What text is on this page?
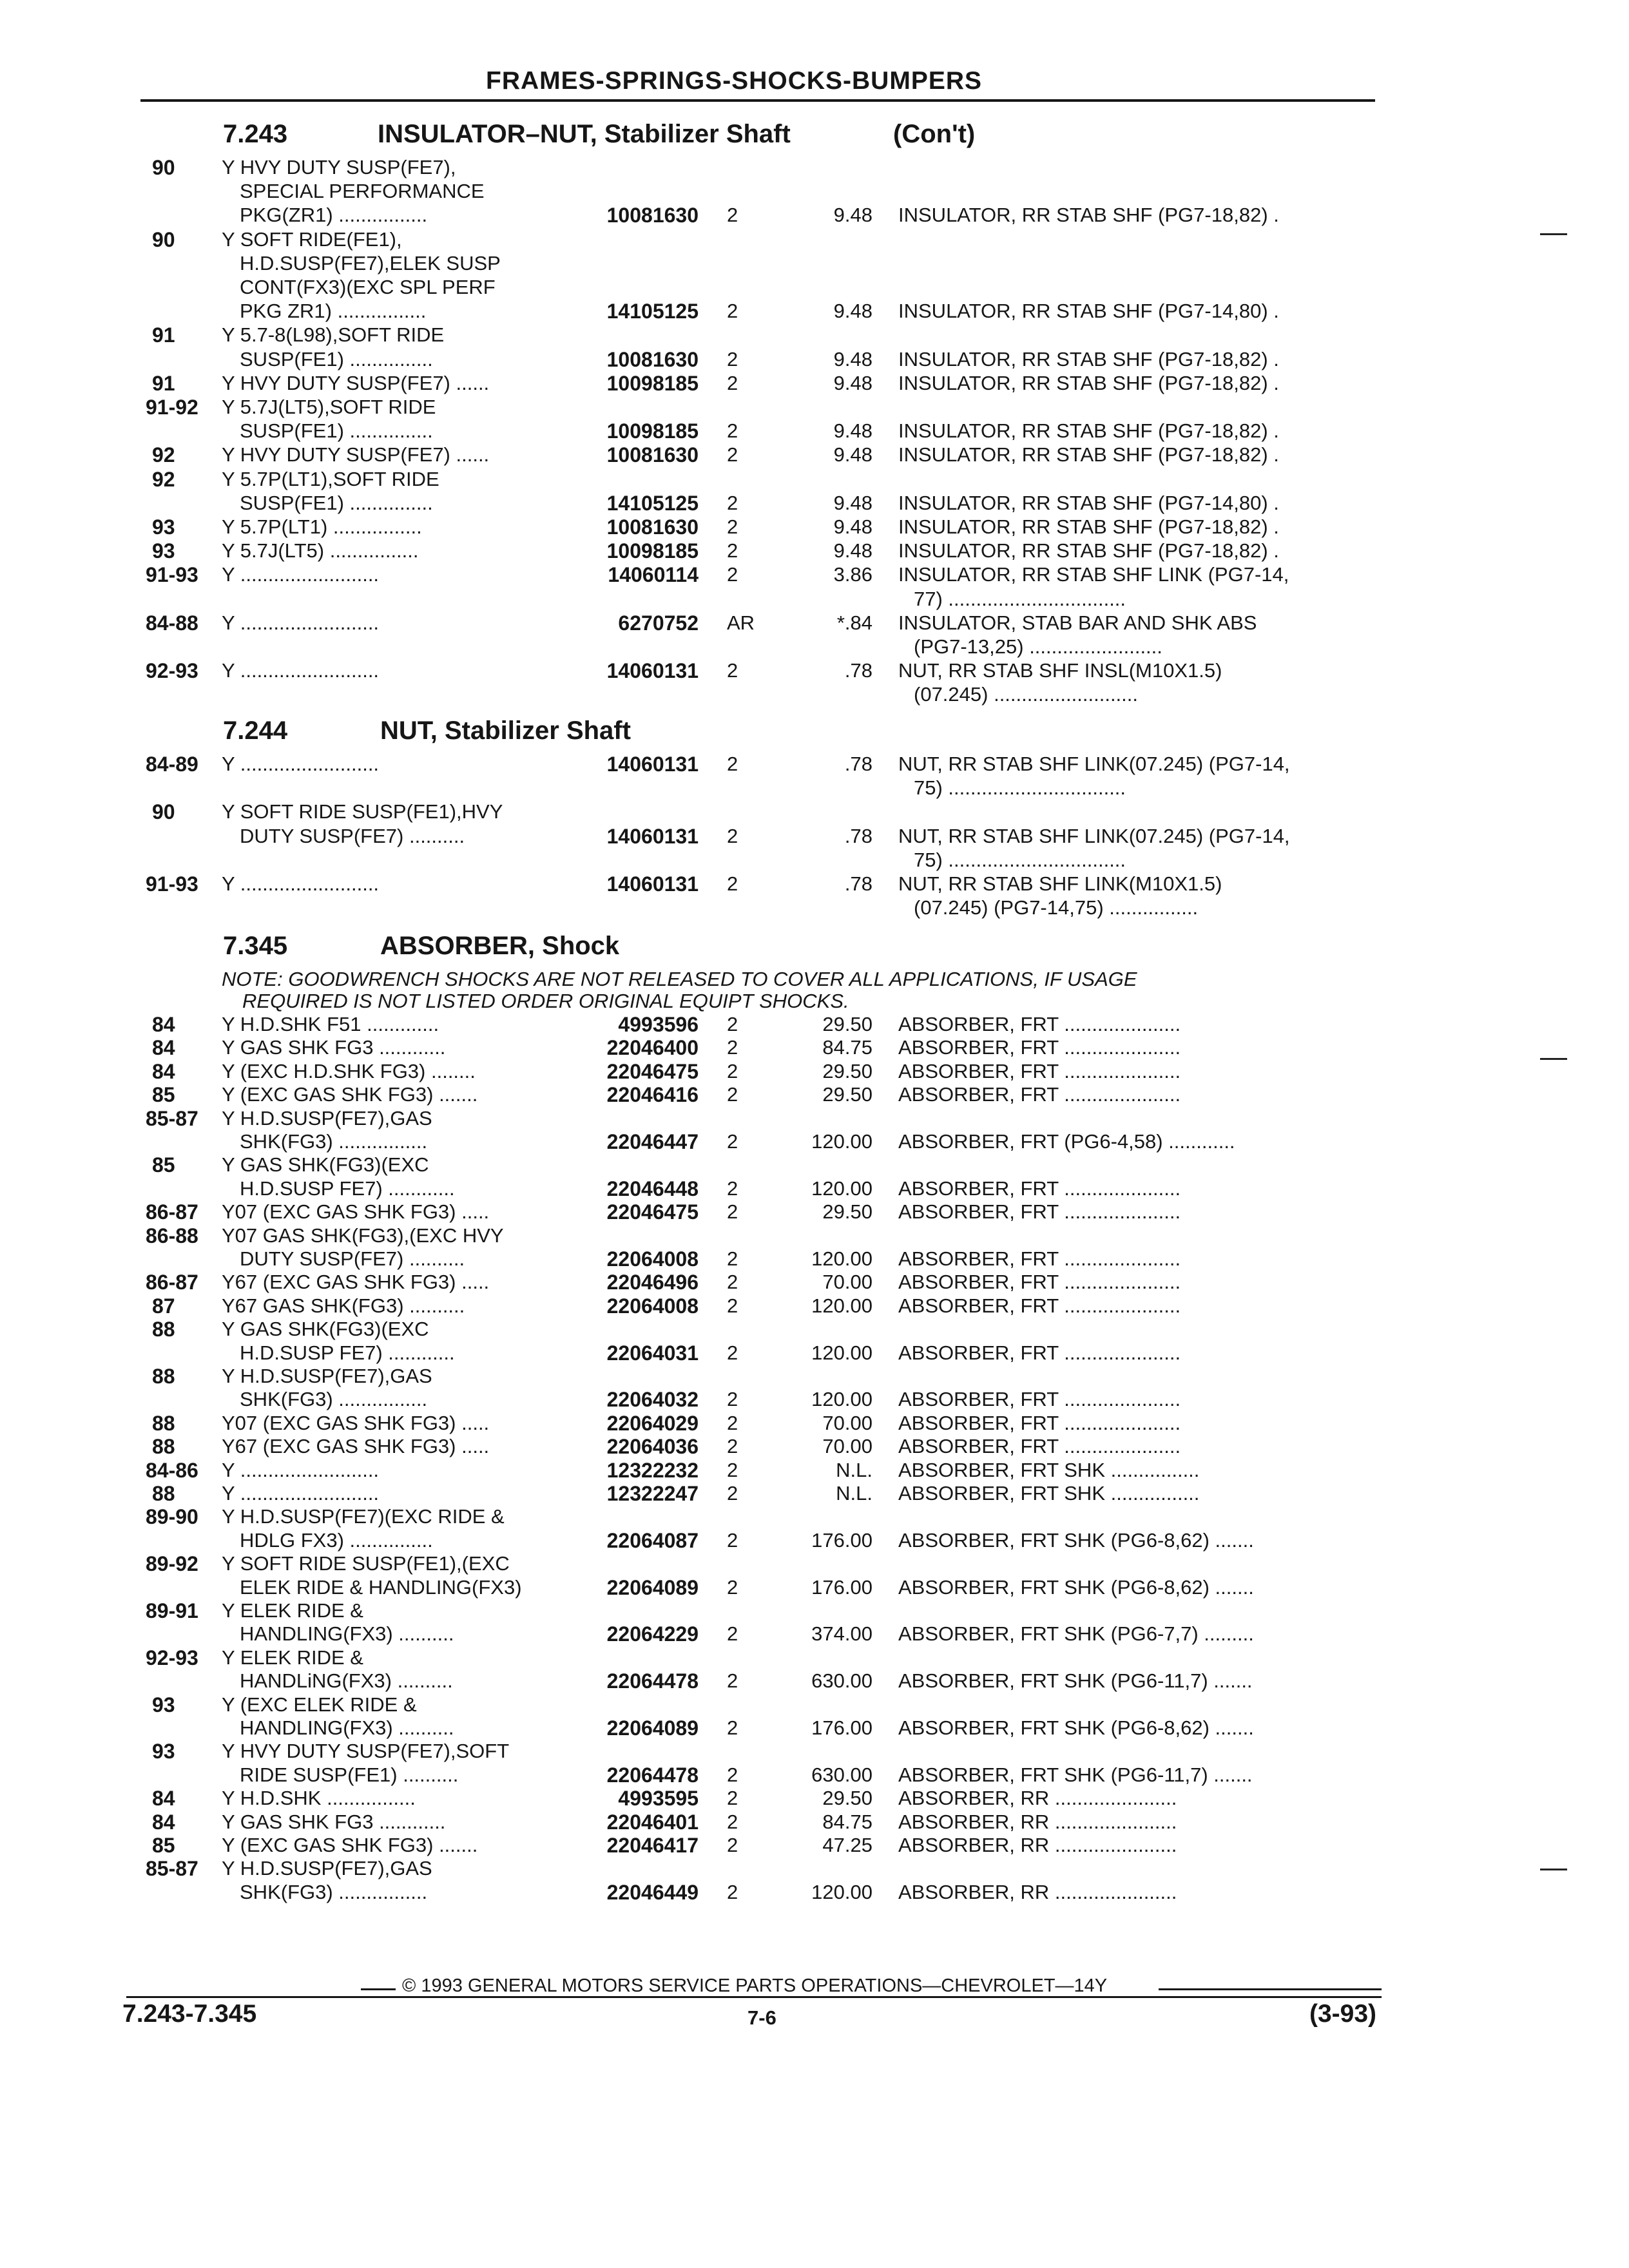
FRAMES-SPRINGS-SHOCKS-BUMPERS
7.243	INSULATOR–NUT, Stabilizer Shaft	(Con't)
90 Y HVY DUTY SUSP(FE7),
SPECIAL PERFORMANCE
PKG(ZR1) ................	10081630 2	9.48 INSULATOR, RR STAB SHF (PG7-18,82) .
90 Y SOFT RIDE(FE1),
H.D.SUSP(FE7),ELEK SUSP
CONT(FX3)(EXC SPL PERF
PKG ZR1) ................	14105125 2	9.48 INSULATOR, RR STAB SHF (PG7-14,80) .
91 Y 5.7-8(L98),SOFT RIDE
SUSP(FE1) ...............	10081630 2	9.48 INSULATOR, RR STAB SHF (PG7-18,82) .
91 Y HVY DUTY SUSP(FE7) ......	10098185 2	9.48 INSULATOR, RR STAB SHF (PG7-18,82) .
91-92 Y 5.7J(LT5),SOFT RIDE
SUSP(FE1) ...............	10098185 2	9.48 INSULATOR, RR STAB SHF (PG7-18,82) .
92 Y HVY DUTY SUSP(FE7) ......	10081630 2	9.48 INSULATOR, RR STAB SHF (PG7-18,82) .
92 Y 5.7P(LT1),SOFT RIDE
SUSP(FE1) ...............	14105125 2	9.48 INSULATOR, RR STAB SHF (PG7-14,80) .
93 Y 5.7P(LT1) ................	10081630 2	9.48 INSULATOR, RR STAB SHF (PG7-18,82) .
93 Y 5.7J(LT5) ................	10098185 2	9.48 INSULATOR, RR STAB SHF (PG7-18,82) .
91-93 Y .........................	14060114 2	3.86 INSULATOR, RR STAB SHF LINK (PG7-14,
77) ................................
84-88 Y .........................	6270752 AR	*.84 INSULATOR, STAB BAR AND SHK ABS
(PG7-13,25) ........................
92-93 Y .........................	14060131 2	.78 NUT, RR STAB SHF INSL(M10X1.5)
(07.245) ..........................
7.244	NUT, Stabilizer Shaft
84-89 Y .........................	14060131 2	.78 NUT, RR STAB SHF LINK(07.245) (PG7-14,
75) ................................
90 Y SOFT RIDE SUSP(FE1),HVY
DUTY SUSP(FE7) ..........	14060131 2	.78 NUT, RR STAB SHF LINK(07.245) (PG7-14,
75) ................................
91-93 Y .........................	14060131 2	.78 NUT, RR STAB SHF LINK(M10X1.5)
(07.245) (PG7-14,75) ................
7.345	ABSORBER, Shock
NOTE: GOODWRENCH SHOCKS ARE NOT RELEASED TO COVER ALL APPLICATIONS, IF USAGE
REQUIRED IS NOT LISTED ORDER ORIGINAL EQUIPT SHOCKS.
84 Y H.D.SHK F51 .............	4993596 2	29.50 ABSORBER, FRT .....................
84 Y GAS SHK FG3 ............	22046400 2	84.75 ABSORBER, FRT .....................
84 Y (EXC H.D.SHK FG3) ........	22046475 2	29.50 ABSORBER, FRT .....................
85 Y (EXC GAS SHK FG3) .......	22046416 2	29.50 ABSORBER, FRT .....................
85-87 Y H.D.SUSP(FE7),GAS
SHK(FG3) ................	22046447 2	120.00 ABSORBER, FRT (PG6-4,58) ............
85 Y GAS SHK(FG3)(EXC
H.D.SUSP FE7) ............	22046448 2	120.00 ABSORBER, FRT .....................
86-87 Y07 (EXC GAS SHK FG3) .....	22046475 2	29.50 ABSORBER, FRT .....................
86-88 Y07 GAS SHK(FG3),(EXC HVY
DUTY SUSP(FE7) ..........	22064008 2	120.00 ABSORBER, FRT .....................
86-87 Y67 (EXC GAS SHK FG3) .....	22046496 2	70.00 ABSORBER, FRT .....................
87 Y67 GAS SHK(FG3) ..........	22064008 2	120.00 ABSORBER, FRT .....................
88 Y GAS SHK(FG3)(EXC
H.D.SUSP FE7) ............	22064031 2	120.00 ABSORBER, FRT .....................
88 Y H.D.SUSP(FE7),GAS
SHK(FG3) ................	22064032 2	120.00 ABSORBER, FRT .....................
88 Y07 (EXC GAS SHK FG3) .....	22064029 2	70.00 ABSORBER, FRT .....................
88 Y67 (EXC GAS SHK FG3) .....	22064036 2	70.00 ABSORBER, FRT .....................
84-86 Y .........................	12322232 2	N.L. ABSORBER, FRT SHK ................
88 Y .........................	12322247 2	N.L. ABSORBER, FRT SHK ................
89-90 Y H.D.SUSP(FE7)(EXC RIDE &
HDLG FX3) ...............	22064087 2	176.00 ABSORBER, FRT SHK (PG6-8,62) .......
89-92 Y SOFT RIDE SUSP(FE1),(EXC
ELEK RIDE & HANDLING(FX3)	22064089 2	176.00 ABSORBER, FRT SHK (PG6-8,62) .......
89-91 Y ELEK RIDE &
HANDLING(FX3) ..........	22064229 2	374.00 ABSORBER, FRT SHK (PG6-7,7) .........
92-93 Y ELEK RIDE &
HANDLiNG(FX3) ..........	22064478 2	630.00 ABSORBER, FRT SHK (PG6-11,7) .......
93 Y (EXC ELEK RIDE &
HANDLING(FX3) ..........	22064089 2	176.00 ABSORBER, FRT SHK (PG6-8,62) .......
93 Y HVY DUTY SUSP(FE7),SOFT
RIDE SUSP(FE1) ..........	22064478 2	630.00 ABSORBER, FRT SHK (PG6-11,7) .......
84 Y H.D.SHK ................	4993595 2	29.50 ABSORBER, RR ......................
84 Y GAS SHK FG3 ............	22046401 2	84.75 ABSORBER, RR ......................
85 Y (EXC GAS SHK FG3) .......	22046417 2	47.25 ABSORBER, RR ......................
85-87 Y H.D.SUSP(FE7),GAS
SHK(FG3) ................	22046449 2	120.00 ABSORBER, RR ......................
© 1993 GENERAL MOTORS SERVICE PARTS OPERATIONS—CHEVROLET—14Y
7.243-7.345	7-6	(3-93)
